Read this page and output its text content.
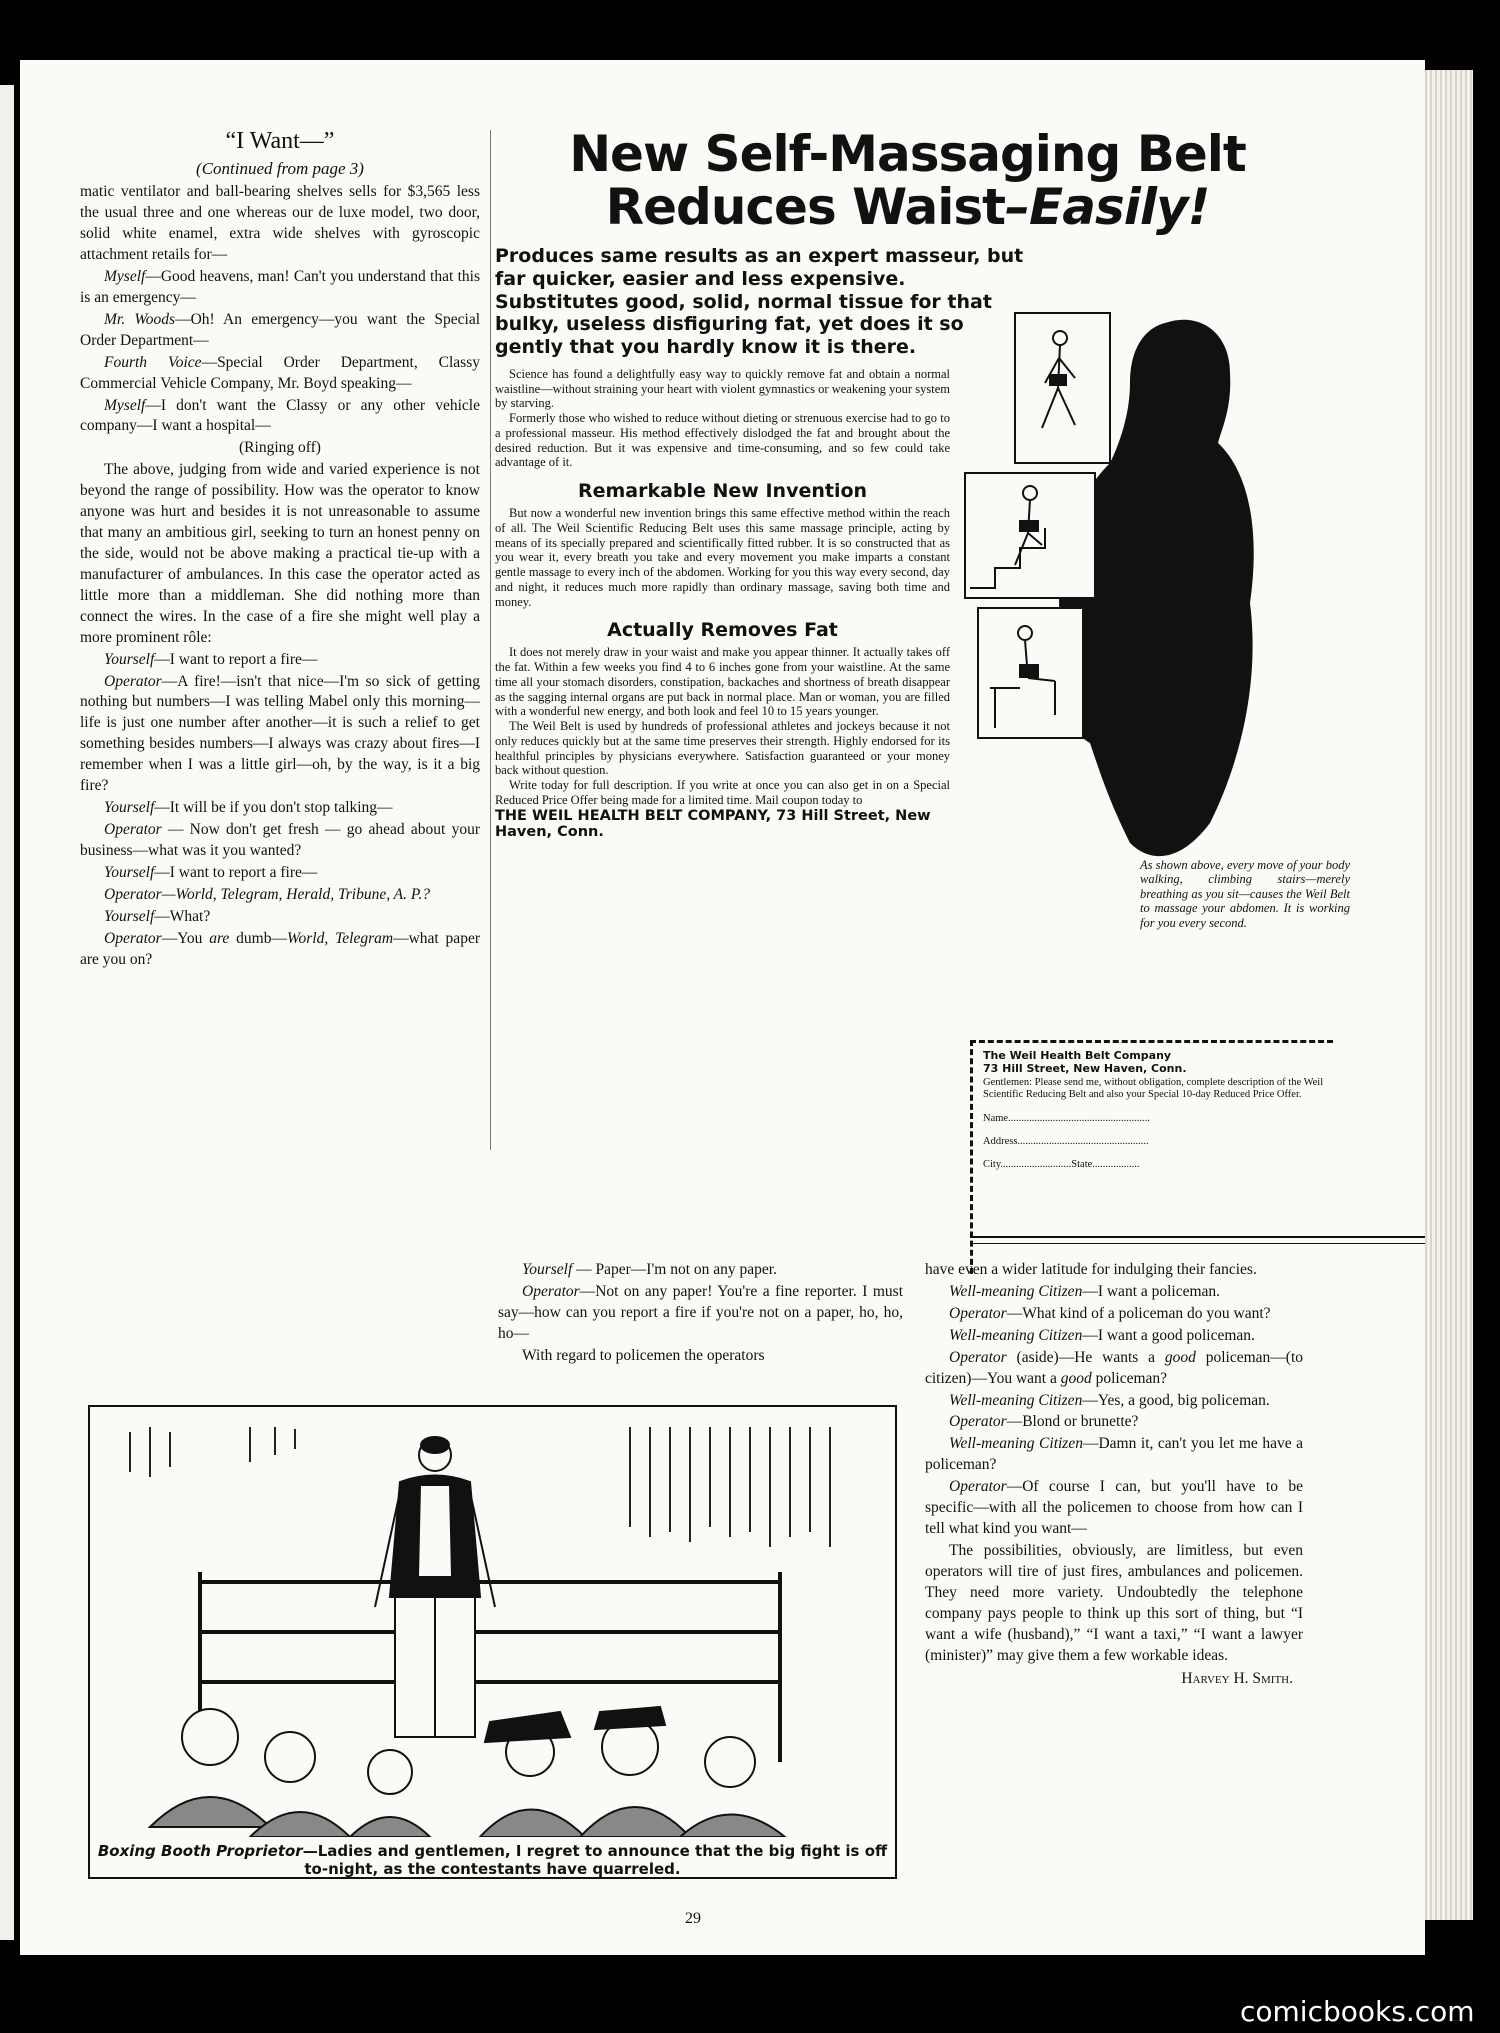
“I Want—”

(Continued from page 3)

matic ventilator and ball-bearing shelves sells for $3,565 less the usual three and one whereas our de luxe model, two door, solid white enamel, extra wide shelves with gyroscopic attachment retails for—

Myself—Good heavens, man! Can't you understand that this is an emergency—

Mr. Woods—Oh! An emergency—you want the Special Order Department—

Fourth Voice—Special Order Department, Classy Commercial Vehicle Company, Mr. Boyd speaking—

Myself—I don't want the Classy or any other vehicle company—I want a hospital—

(Ringing off)

The above, judging from wide and varied experience is not beyond the range of possibility. How was the operator to know anyone was hurt and besides it is not unreasonable to assume that many an ambitious girl, seeking to turn an honest penny on the side, would not be above making a practical tie-up with a manufacturer of ambulances. In this case the operator acted as little more than a middleman. She did nothing more than connect the wires. In the case of a fire she might well play a more prominent rôle:

Yourself—I want to report a fire—

Operator—A fire!—isn't that nice—I'm so sick of getting nothing but numbers—I was telling Mabel only this morning—life is just one number after another—it is such a relief to get something besides numbers—I always was crazy about fires—I remember when I was a little girl—oh, by the way, is it a big fire?

Yourself—It will be if you don't stop talking—

Operator — Now don't get fresh — go ahead about your business—what was it you wanted?

Yourself—I want to report a fire—

Operator—World, Telegram, Herald, Tribune, A. P.?

Yourself—What?

Operator—You are dumb—World, Telegram—what paper are you on?

New Self-Massaging Belt
Reduces Waist–Easily!
Produces same results as an expert masseur, but far quicker, easier and less expensive. Substitutes good, solid, normal tissue for that bulky, useless disfiguring fat, yet does it so gently that you hardly know it is there.

Science has found a delightfully easy way to quickly remove fat and obtain a normal waistline—without straining your heart with violent gymnastics or weakening your system by starving.

Formerly those who wished to reduce without dieting or strenuous exercise had to go to a professional masseur. His method effectively dislodged the fat and brought about the desired reduction. But it was expensive and time-consuming, and so few could take advantage of it.

Remarkable New Invention

But now a wonderful new invention brings this same effective method within the reach of all. The Weil Scientific Reducing Belt uses this same massage principle, acting by means of its specially prepared and scientifically fitted rubber. It is so constructed that as you wear it, every breath you take and every movement you make imparts a constant gentle massage to every inch of the abdomen. Working for you this way every second, day and night, it reduces much more rapidly than ordinary massage, saving both time and money.

Actually Removes Fat

It does not merely draw in your waist and make you appear thinner. It actually takes off the fat. Within a few weeks you find 4 to 6 inches gone from your waistline. At the same time all your stomach disorders, constipation, backaches and shortness of breath disappear as the sagging internal organs are put back in normal place. Man or woman, you are filled with a wonderful new energy, and both look and feel 10 to 15 years younger.

The Weil Belt is used by hundreds of professional athletes and jockeys because it not only reduces quickly but at the same time preserves their strength. Highly endorsed for its healthful principles by physicians everywhere. Satisfaction guaranteed or your money back without question.

Write today for full description. If you write at once you can also get in on a Special Reduced Price Offer being made for a limited time. Mail coupon today to

THE WEIL HEALTH BELT COMPANY, 73 Hill Street, New Haven, Conn.
As shown above, every move of your body walking, climbing stairs—merely breathing as you sit—causes the Weil Belt to massage your abdomen. It is working for you every second.
The Weil Health Belt Company
73 Hill Street, New Haven, Conn.
Gentlemen: Please send me, without obligation, complete description of the Weil Scientific Reducing Belt and also your Special 10-day Reduced Price Offer.
Name......................................................
Address..................................................
City...........................State..................

Yourself — Paper—I'm not on any paper.

Operator—Not on any paper! You're a fine reporter. I must say—how can you report a fire if you're not on a paper, ho, ho, ho—

With regard to policemen the operators

have even a wider latitude for indulging their fancies.

Well-meaning Citizen—I want a policeman.

Operator—What kind of a policeman do you want?

Well-meaning Citizen—I want a good policeman.

Operator (aside)—He wants a good policeman—(to citizen)—You want a good policeman?

Well-meaning Citizen—Yes, a good, big policeman.

Operator—Blond or brunette?

Well-meaning Citizen—Damn it, can't you let me have a policeman?

Operator—Of course I can, but you'll have to be specific—with all the policemen to choose from how can I tell what kind you want—

The possibilities, obviously, are limitless, but even operators will tire of just fires, ambulances and policemen. They need more variety. Undoubtedly the telephone company pays people to think up this sort of thing, but “I want a wife (husband),” “I want a taxi,” “I want a lawyer (minister)” may give them a few workable ideas.

Harvey H. Smith.

Boxing Booth Proprietor—Ladies and gentlemen, I regret to announce that the big fight is off to-night, as the contestants have quarreled.
29
comicbooks.com
